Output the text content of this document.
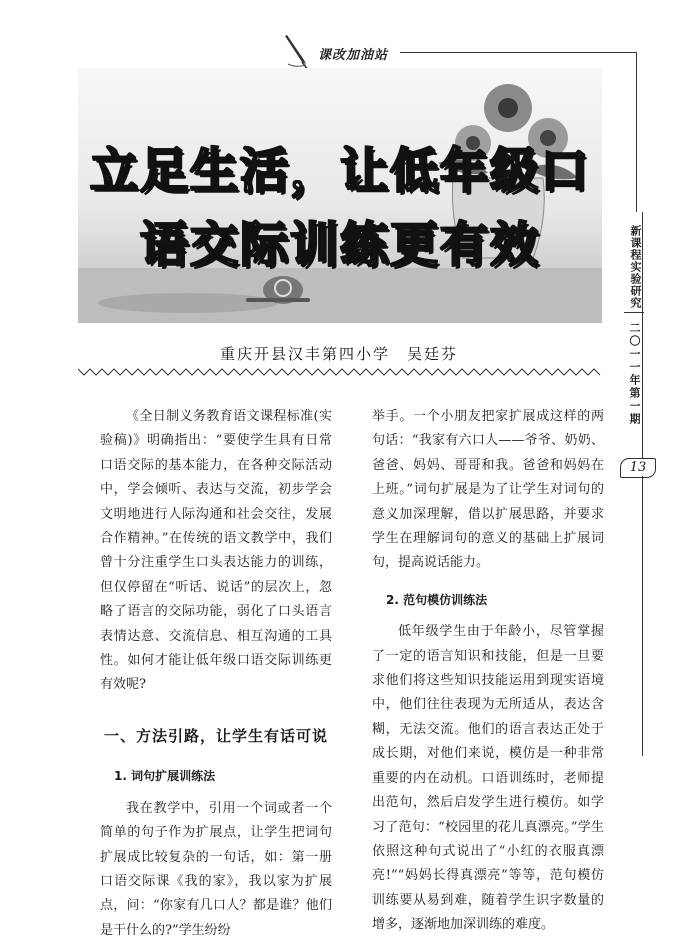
课改加油站
立足生活，让低年级口
语交际训练更有效
重庆开县汉丰第四小学　吴廷芬

《全日制义务教育语文课程标准(实验稿)》明确指出：“要使学生具有日常口语交际的基本能力，在各种交际活动中，学会倾听、表达与交流，初步学会文明地进行人际沟通和社会交往，发展合作精神。”在传统的语文教学中，我们曾十分注重学生口头表达能力的训练，但仅停留在“听话、说话”的层次上，忽略了语言的交际功能，弱化了口头语言表情达意、交流信息、相互沟通的工具性。如何才能让低年级口语交际训练更有效呢?

一、方法引路，让学生有话可说

1. 词句扩展训练法

我在教学中，引用一个词或者一个简单的句子作为扩展点，让学生把词句扩展成比较复杂的一句话，如：第一册口语交际课《我的家》，我以家为扩展点，问：“你家有几口人？都是谁？他们是干什么的?”学生纷纷

举手。一个小朋友把家扩展成这样的两句话：“我家有六口人——爷爷、奶奶、爸爸、妈妈、哥哥和我。爸爸和妈妈在上班。”词句扩展是为了让学生对词句的意义加深理解，借以扩展思路，并要求学生在理解词句的意义的基础上扩展词句，提高说话能力。

2. 范句模仿训练法

低年级学生由于年龄小，尽管掌握了一定的语言知识和技能，但是一旦要求他们将这些知识技能运用到现实语境中，他们往往表现为无所适从，表达含糊，无法交流。他们的语言表达正处于成长期，对他们来说，模仿是一种非常重要的内在动机。口语训练时，老师提出范句，然后启发学生进行模仿。如学习了范句：“校园里的花儿真漂亮。”学生依照这种句式说出了“小红的衣服真漂亮!”“妈妈长得真漂亮”等等，范句模仿训练要从易到难，随着学生识字数量的增多，逐渐地加深训练的难度。

新课程实验研究
二〇一一年第一期
13
